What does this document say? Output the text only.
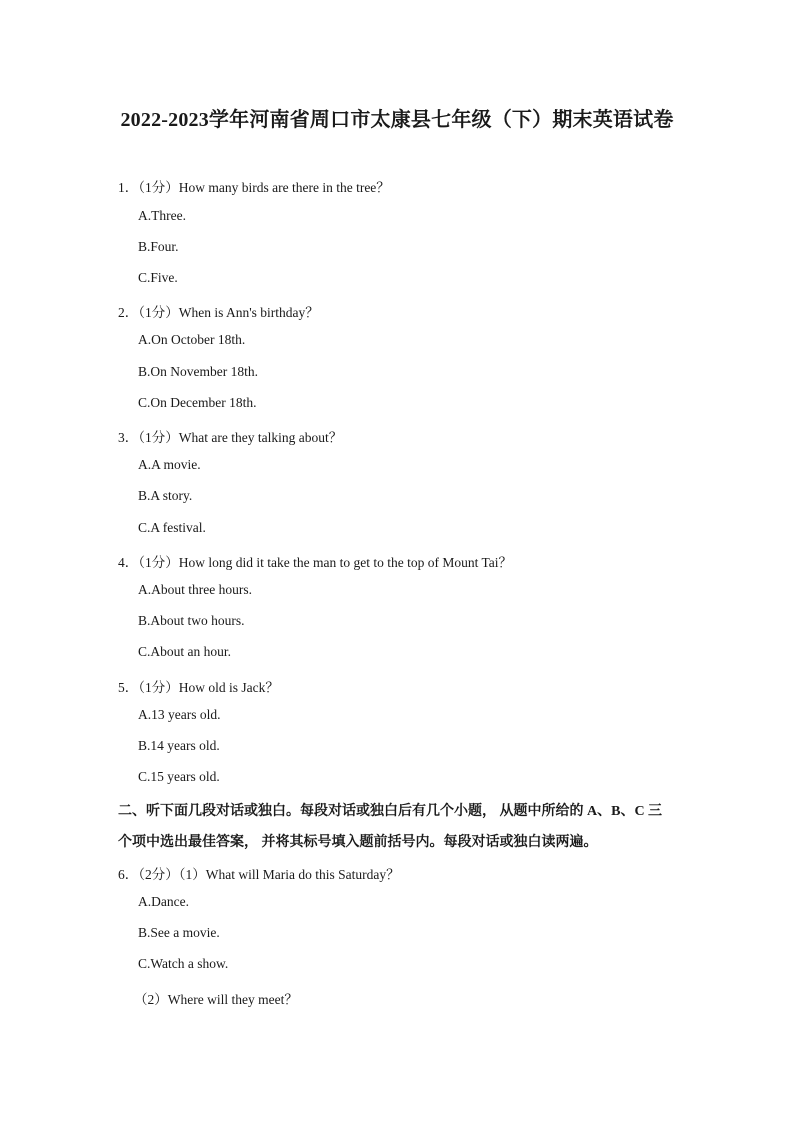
2022-2023学年河南省周口市太康县七年级（下）期末英语试卷
1．（1分）How many birds are there in the tree？
A.Three.
B.Four.
C.Five.
2．（1分）When is Ann's birthday？
A.On October 18th.
B.On November 18th.
C.On December 18th.
3．（1分）What are they talking about？
A.A movie.
B.A story.
C.A festival.
4．（1分）How long did it take the man to get to the top of Mount Tai？
A.About three hours.
B.About two hours.
C.About an hour.
5．（1分）How old is Jack？
A.13 years old.
B.14 years old.
C.15 years old.
二、听下面几段对话或独白。每段对话或独白后有几个小题， 从题中所给的 A、B、C 三
个项中选出最佳答案， 并将其标号填入题前括号内。每段对话或独白读两遍。
6．（2分）（1）What will Maria do this Saturday？
A.Dance.
B.See a movie.
C.Watch a show.
（2）Where will they meet？
